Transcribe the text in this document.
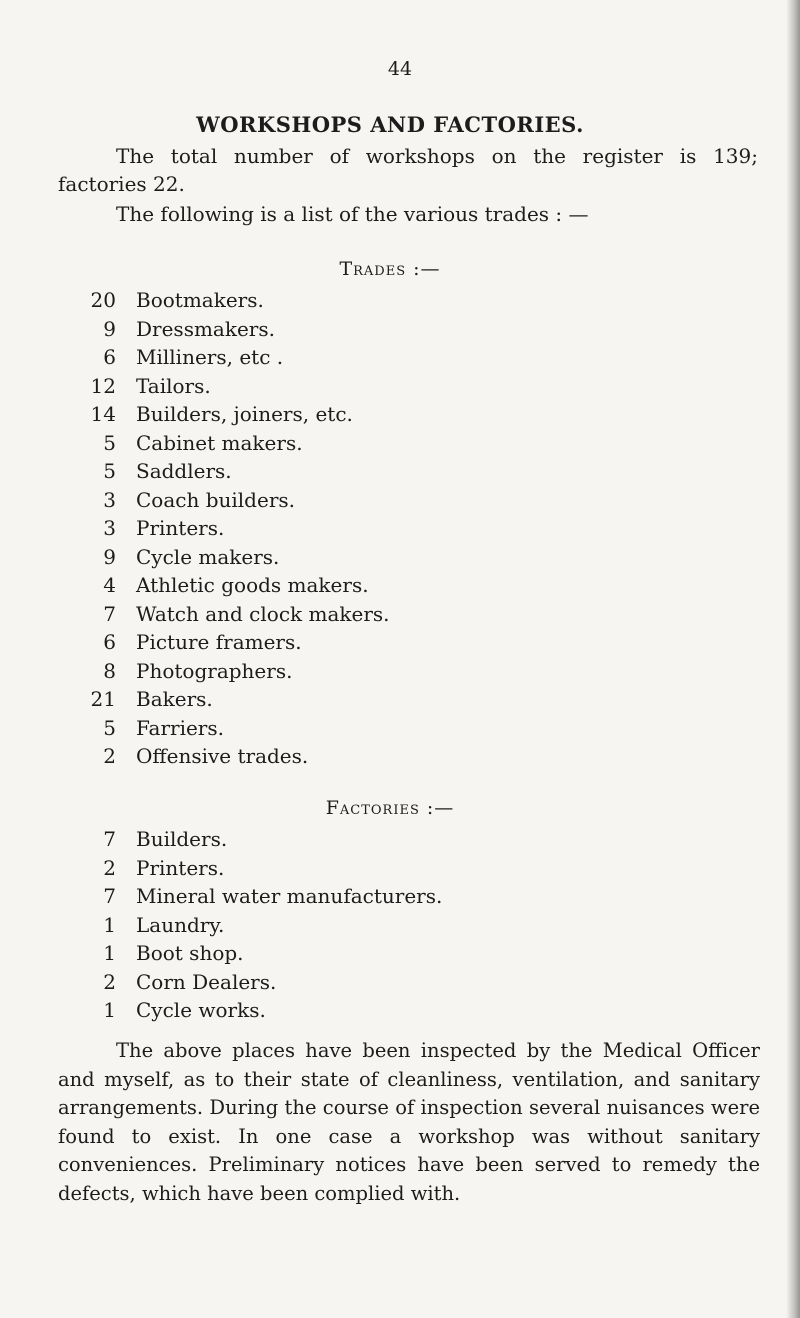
44
WORKSHOPS AND FACTORIES.
The total number of workshops on the register is 139; factories 22.
The following is a list of the various trades : —
Trades :—
20 Bootmakers.
9 Dressmakers.
6 Milliners, etc .
12 Tailors.
14 Builders, joiners, etc.
5 Cabinet makers.
5 Saddlers.
3 Coach builders.
3 Printers.
9 Cycle makers.
4 Athletic goods makers.
7 Watch and clock makers.
6 Picture framers.
8 Photographers.
21 Bakers.
5 Farriers.
2 Offensive trades.
Factories :—
7 Builders.
2 Printers.
7 Mineral water manufacturers.
1 Laundry.
1 Boot shop.
2 Corn Dealers.
1 Cycle works.
The above places have been inspected by the Medical Officer and myself, as to their state of cleanliness, ventilation, and sanitary arrangements. During the course of inspection several nuisances were found to exist. In one case a workshop was without sanitary conveniences. Preliminary notices have been served to remedy the defects, which have been complied with.
